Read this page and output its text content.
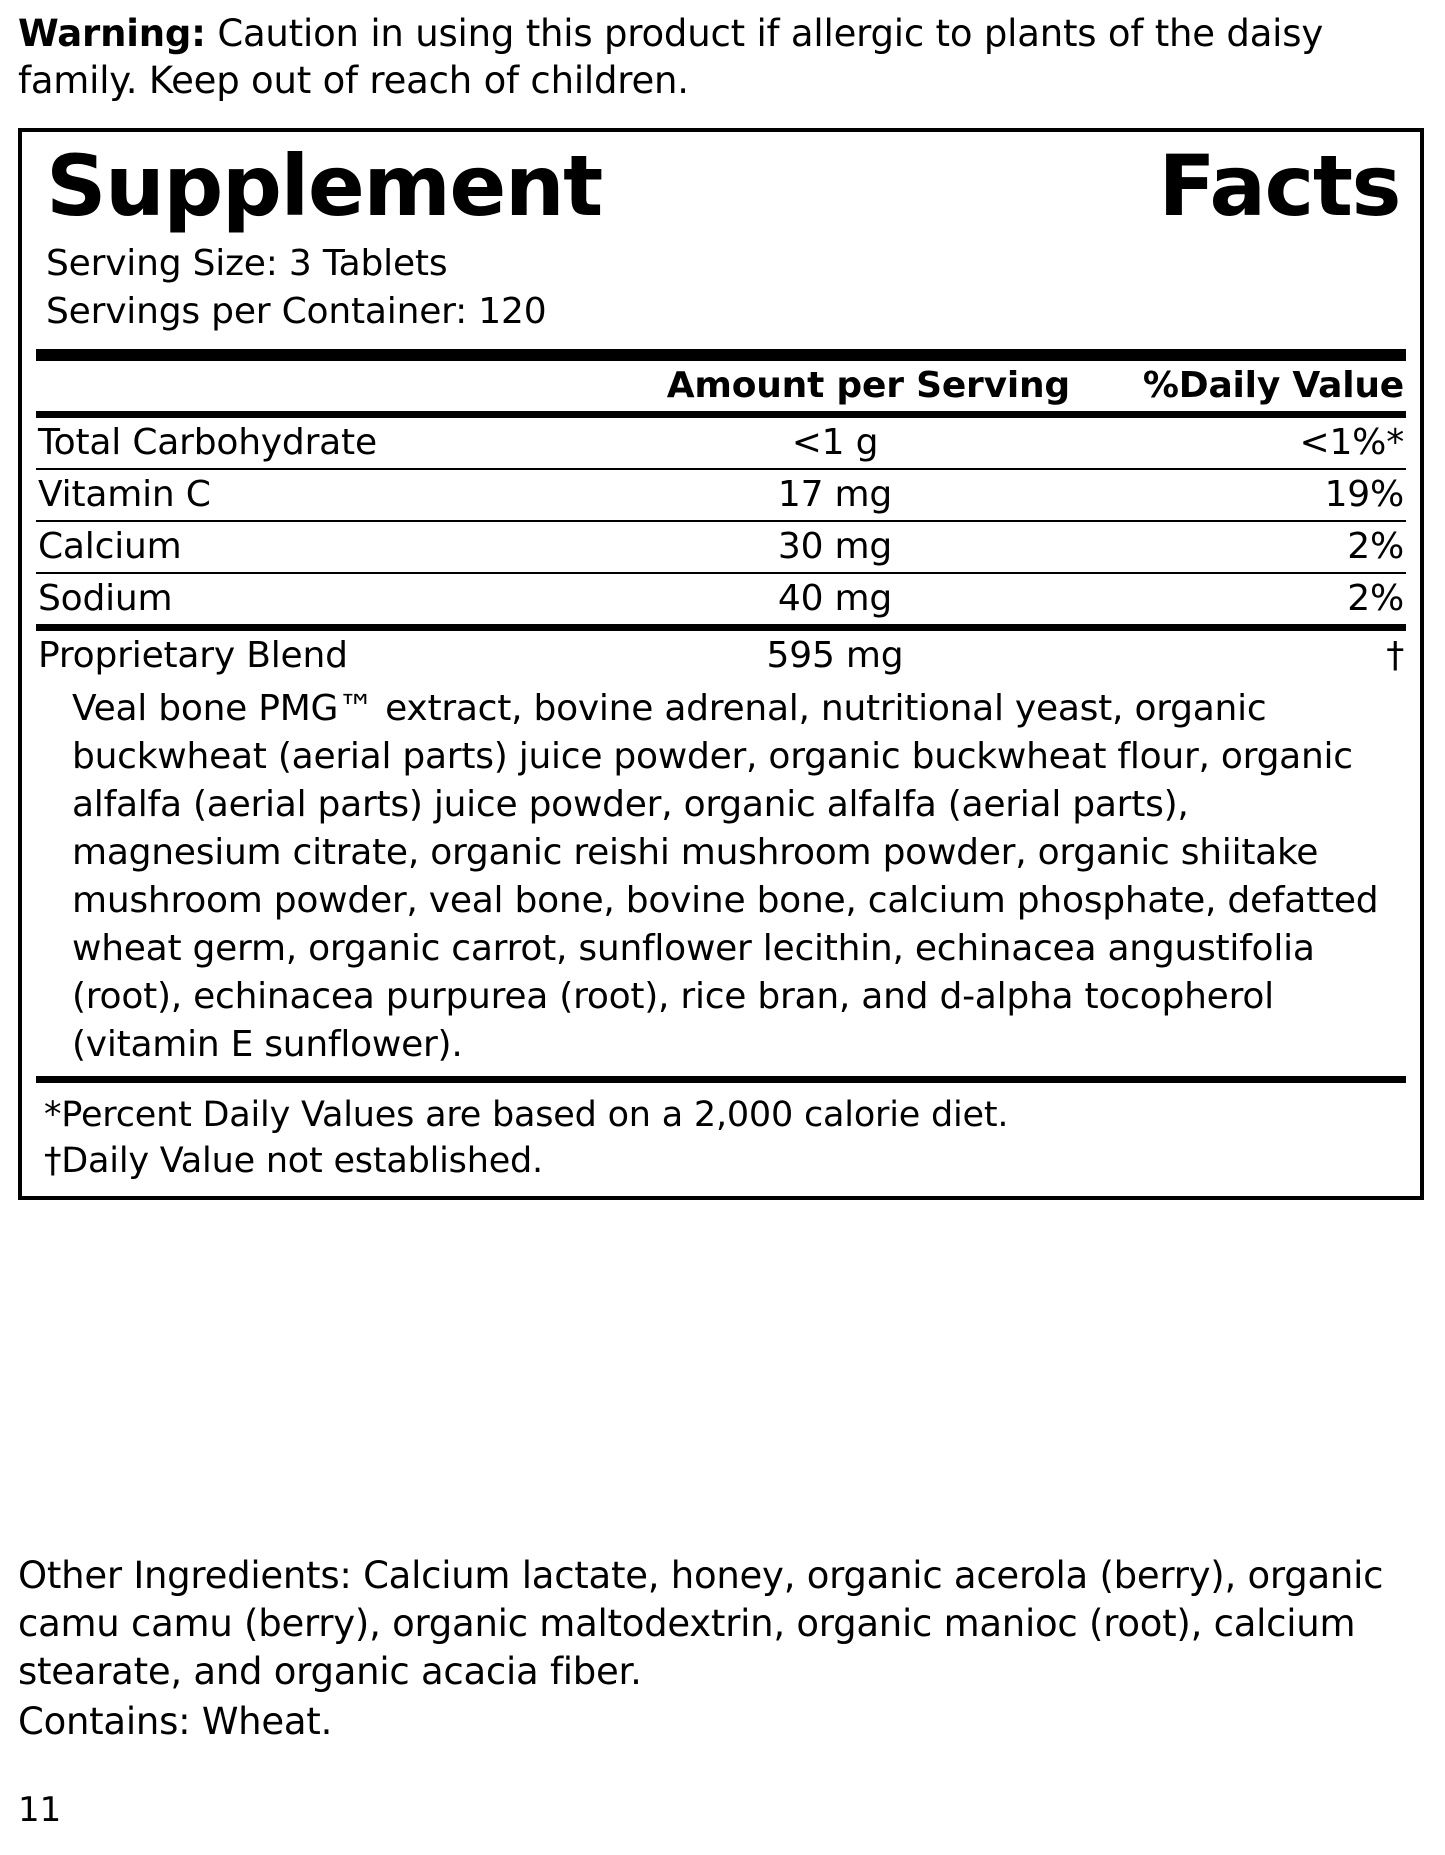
Warning: Caution in using this product if allergic to plants of the daisy family. Keep out of reach of children.
Supplement	Facts
Serving Size: 3 Tablets
Servings per Container: 120
	Amount per Serving	%Daily Value
Total Carbohydrate	<1 g	<1%*
Vitamin C	17 mg	19%
Calcium	30 mg	2%
Sodium	40 mg	2%
Proprietary Blend	595 mg	†
Veal bone PMG™ extract, bovine adrenal, nutritional yeast, organic buckwheat (aerial parts) juice powder, organic buckwheat flour, organic alfalfa (aerial parts) juice powder, organic alfalfa (aerial parts), magnesium citrate, organic reishi mushroom powder, organic shiitake mushroom powder, veal bone, bovine bone, calcium phosphate, defatted wheat germ, organic carrot, sunflower lecithin, echinacea angustifolia (root), echinacea purpurea (root), rice bran, and d-alpha tocopherol (vitamin E sunflower).
*Percent Daily Values are based on a 2,000 calorie diet.
†Daily Value not established.
Other Ingredients: Calcium lactate, honey, organic acerola (berry), organic camu camu (berry), organic maltodextrin, organic manioc (root), calcium stearate, and organic acacia fiber.
Contains: Wheat.
11
